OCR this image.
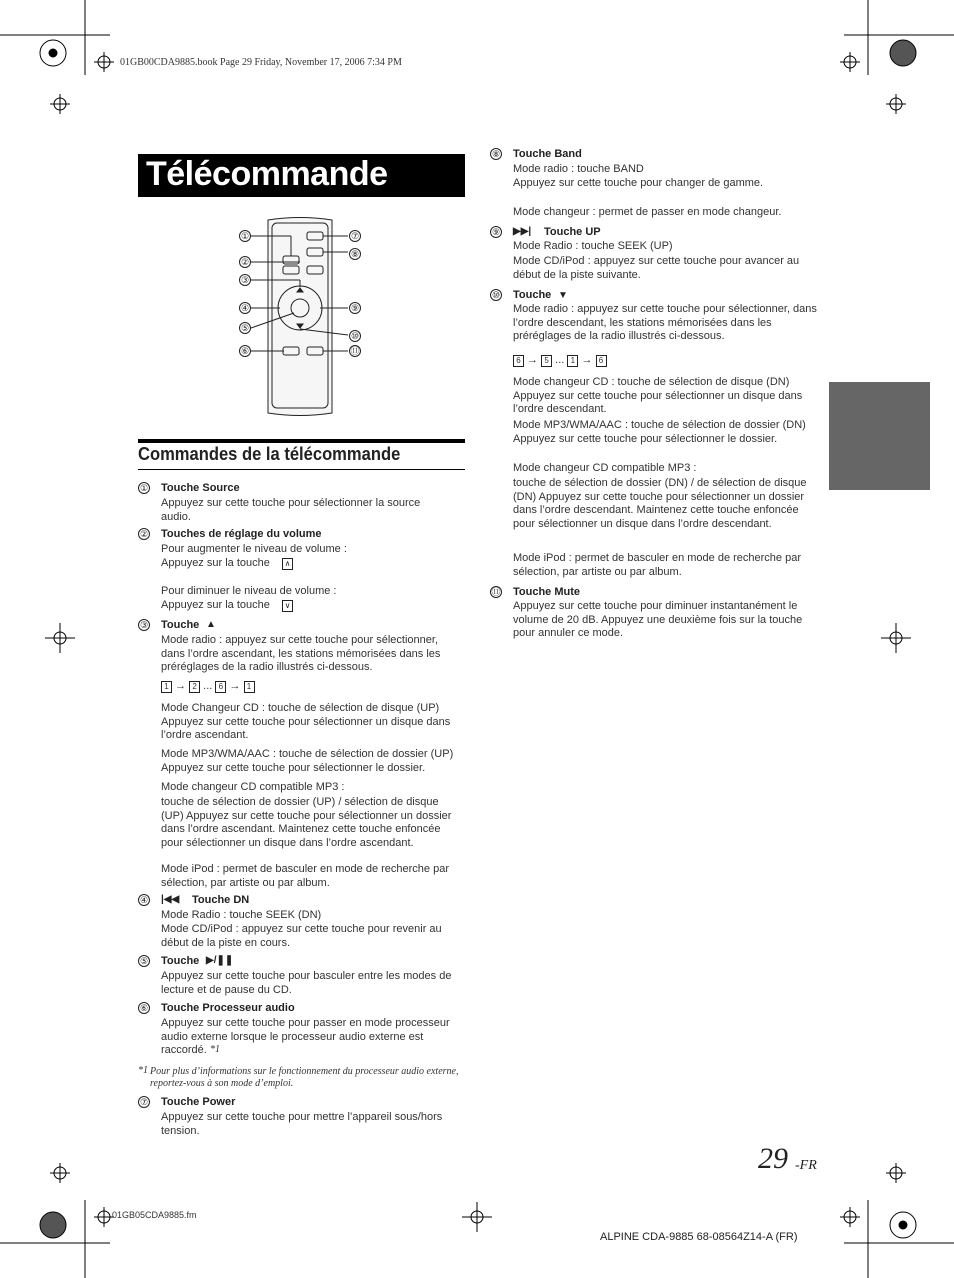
01GB00CDA9885.book Page 29 Friday, November 17, 2006 7:34 PM
Télécommande
①
②
③
④
⑤
⑥
⑦
⑧
⑨
⑩
⑪
Commandes de la télécommande
① Touche Source
Appuyez sur cette touche pour sélectionner la source audio.
② Touches de réglage du volume
Pour augmenter le niveau de volume :
Appuyez sur la touche	∧
Pour diminuer le niveau de volume :
Appuyez sur la touche	∨
③ Touche ▲
Mode radio : appuyez sur cette touche pour sélectionner, dans l’ordre ascendant, les stations mémorisées dans les préréglages de la radio illustrés ci-dessous.
1 → 2 ... 6 → 1
Mode Changeur CD : touche de sélection de disque (UP) Appuyez sur cette touche pour sélectionner un disque dans l’ordre ascendant.
Mode MP3/WMA/AAC : touche de sélection de dossier (UP) Appuyez sur cette touche pour sélectionner le dossier.
Mode changeur CD compatible MP3 :
touche de sélection de dossier (UP) / sélection de disque (UP) Appuyez sur cette touche pour sélectionner un dossier dans l’ordre ascendant. Maintenez cette touche enfoncée pour sélectionner un disque dans l’ordre ascendant.
Mode iPod : permet de basculer en mode de recherche par sélection, par artiste ou par album.
④ |◀◀ Touche DN
Mode Radio : touche SEEK (DN)
Mode CD/iPod : appuyez sur cette touche pour revenir au début de la piste en cours.
⑤ Touche ▶/❚❚
Appuyez sur cette touche pour basculer entre les modes de lecture et de pause du CD.
⑥ Touche Processeur audio
Appuyez sur cette touche pour passer en mode processeur audio externe lorsque le processeur audio externe est raccordé. *1
*1 Pour plus d’informations sur le fonctionnement du processeur audio externe, reportez-vous à son mode d’emploi.
⑦ Touche Power
Appuyez sur cette touche pour mettre l’appareil sous/hors tension.
⑧ Touche Band
Mode radio : touche BAND
Appuyez sur cette touche pour changer de gamme.
Mode changeur : permet de passer en mode changeur.
⑨ ▶▶| Touche UP
Mode Radio : touche SEEK (UP)
Mode CD/iPod : appuyez sur cette touche pour avancer au début de la piste suivante.
⑩ Touche ▼
Mode radio : appuyez sur cette touche pour sélectionner, dans l’ordre descendant, les stations mémorisées dans les préréglages de la radio illustrés ci-dessous.
6 → 5 ... 1 → 6
Mode changeur CD : touche de sélection de disque (DN) Appuyez sur cette touche pour sélectionner un disque dans l’ordre descendant.
Mode MP3/WMA/AAC : touche de sélection de dossier (DN) Appuyez sur cette touche pour sélectionner le dossier.
Mode changeur CD compatible MP3 :
touche de sélection de dossier (DN) / de sélection de disque (DN) Appuyez sur cette touche pour sélectionner un dossier dans l’ordre descendant. Maintenez cette touche enfoncée pour sélectionner un disque dans l’ordre descendant.
Mode iPod : permet de basculer en mode de recherche par sélection, par artiste ou par album.
⑪ Touche Mute
Appuyez sur cette touche pour diminuer instantanément le volume de 20 dB. Appuyez une deuxième fois sur la touche pour annuler ce mode.
29 -FR
01GB05CDA9885.fm
ALPINE CDA-9885 68-08564Z14-A (FR)
